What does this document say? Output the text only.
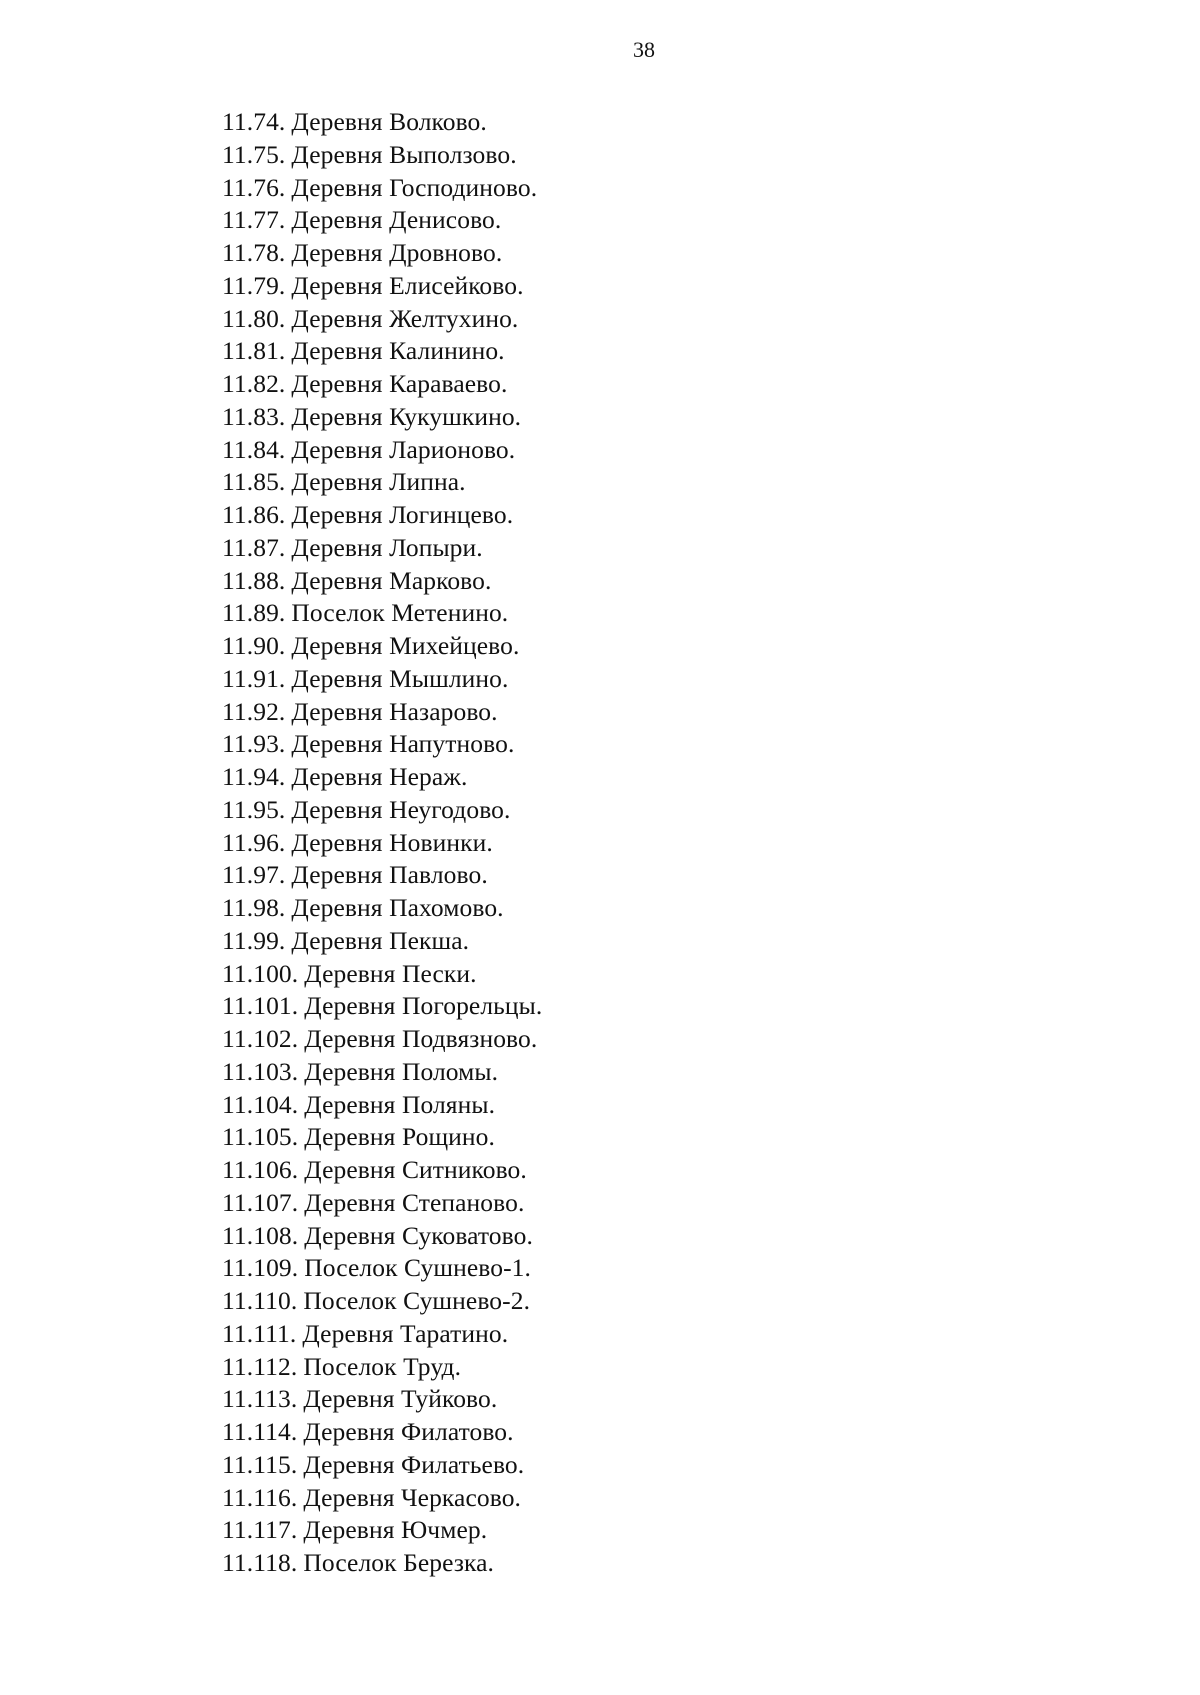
38
11.74. Деревня Волково.
11.75. Деревня Выползово.
11.76. Деревня Господиново.
11.77. Деревня Денисово.
11.78. Деревня Дровново.
11.79. Деревня Елисейково.
11.80. Деревня Желтухино.
11.81. Деревня Калинино.
11.82. Деревня Караваево.
11.83. Деревня Кукушкино.
11.84. Деревня Ларионово.
11.85. Деревня Липна.
11.86. Деревня Логинцево.
11.87. Деревня Лопыри.
11.88. Деревня Марково.
11.89. Поселок Метенино.
11.90. Деревня Михейцево.
11.91. Деревня Мышлино.
11.92. Деревня Назарово.
11.93. Деревня Напутново.
11.94. Деревня Нераж.
11.95. Деревня Неугодово.
11.96. Деревня Новинки.
11.97. Деревня Павлово.
11.98. Деревня Пахомово.
11.99. Деревня Пекша.
11.100. Деревня Пески.
11.101. Деревня Погорельцы.
11.102. Деревня Подвязново.
11.103. Деревня Поломы.
11.104. Деревня Поляны.
11.105. Деревня Рощино.
11.106. Деревня Ситниково.
11.107. Деревня Степаново.
11.108. Деревня Суковатово.
11.109. Поселок Сушнево-1.
11.110. Поселок Сушнево-2.
11.111. Деревня Таратино.
11.112. Поселок Труд.
11.113. Деревня Туйково.
11.114. Деревня Филатово.
11.115. Деревня Филатьево.
11.116. Деревня Черкасово.
11.117. Деревня Ючмер.
11.118. Поселок Березка.
